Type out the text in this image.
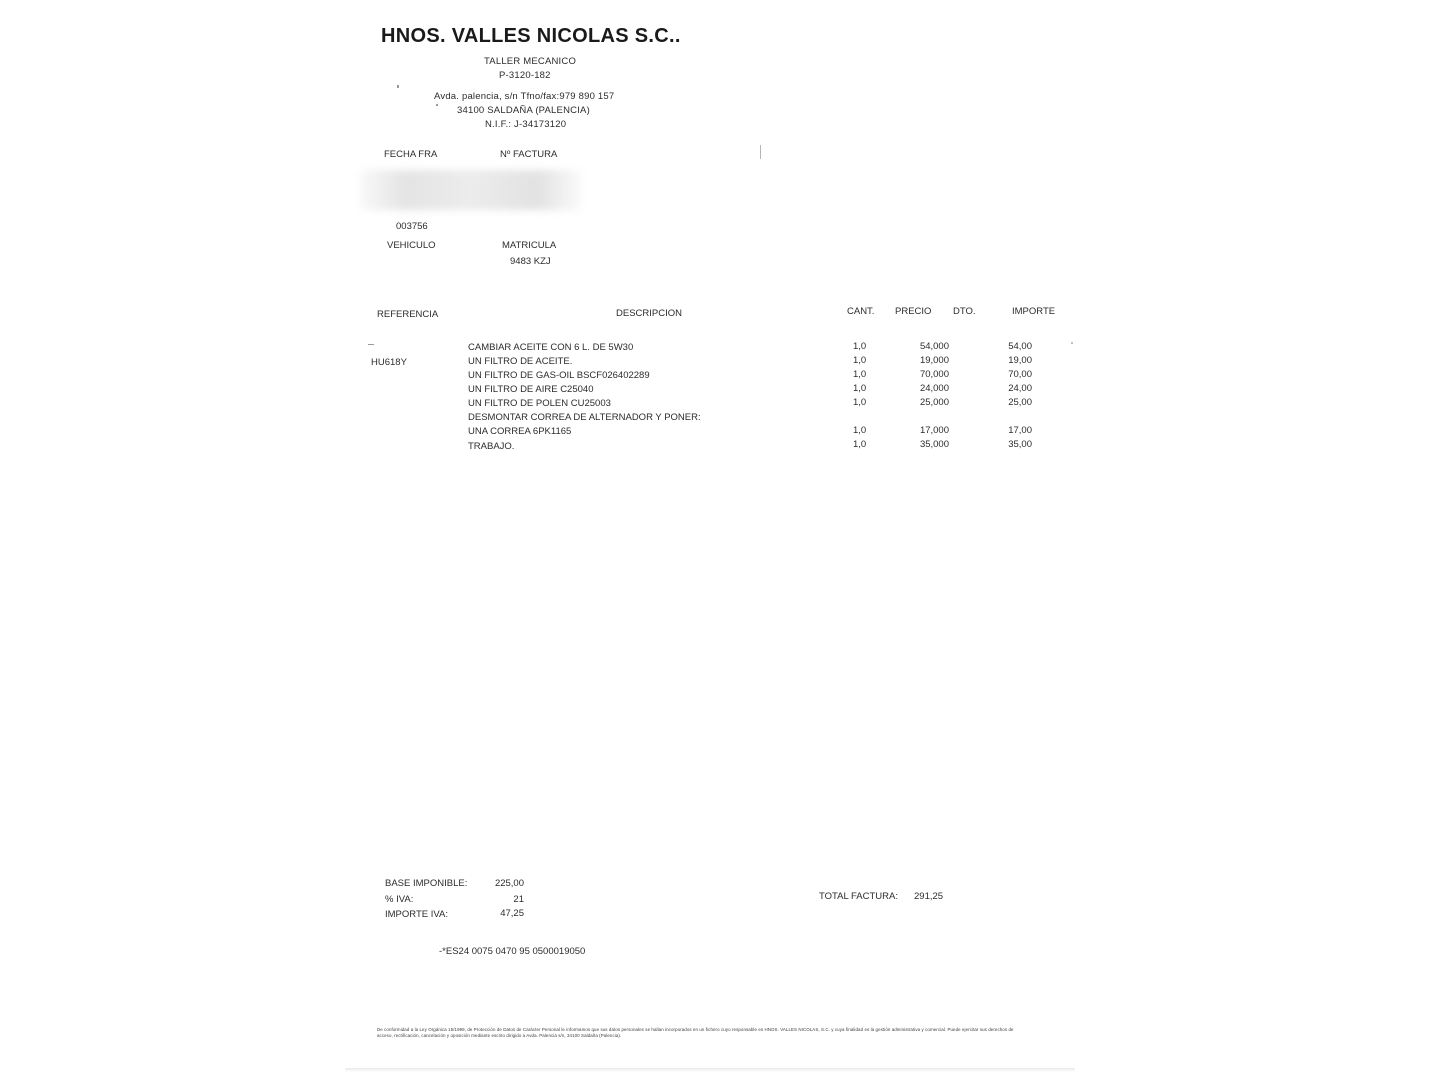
HNOS. VALLES NICOLAS S.C..
TALLER MECANICO
P-3120-182
Avda. palencia, s/n Tfno/fax:979 890 157
34100 SALDAÑA (PALENCIA)
N.I.F.: J-34173120
FECHA FRA	Nº FACTURA
003756
VEHICULO	MATRICULA
9483 KZJ
REFERENCIA	DESCRIPCION	CANT. PRECIO DTO.	IMPORTE
CAMBIAR ACEITE CON 6 L. DE 5W30	1,0	54,000	54,00
HU618Y	UN FILTRO DE ACEITE.	1,0	19,000	19,00
UN FILTRO DE GAS-OIL BSCF026402289	1,0	70,000	70,00
UN FILTRO DE AIRE C25040	1,0	24,000	24,00
UN FILTRO DE POLEN CU25003	1,0	25,000	25,00
DESMONTAR CORREA DE ALTERNADOR Y PONER:
UNA CORREA 6PK1165	1,0	17,000	17,00
TRABAJO.	1,0	35,000	35,00
BASE IMPONIBLE:	225,00
% IVA:	21
IMPORTE IVA:	47,25
TOTAL FACTURA: 291,25
-*ES24 0075 0470 95 0500019050
De conformidad a la Ley Orgánica 15/1999, de Protección de Datos de Carácter Personal le informamos que sus datos personales se hallan incorporados en un fichero cuyo responsable es HNOS. VALLES NICOLAS, S.C. y cuya finalidad es la gestión administrativa y comercial. Puede ejercitar sus derechos de acceso, rectificación, cancelación y oposición mediante escrito dirigido a Avda. Palencia s/n, 34100 Saldaña (Palencia).
